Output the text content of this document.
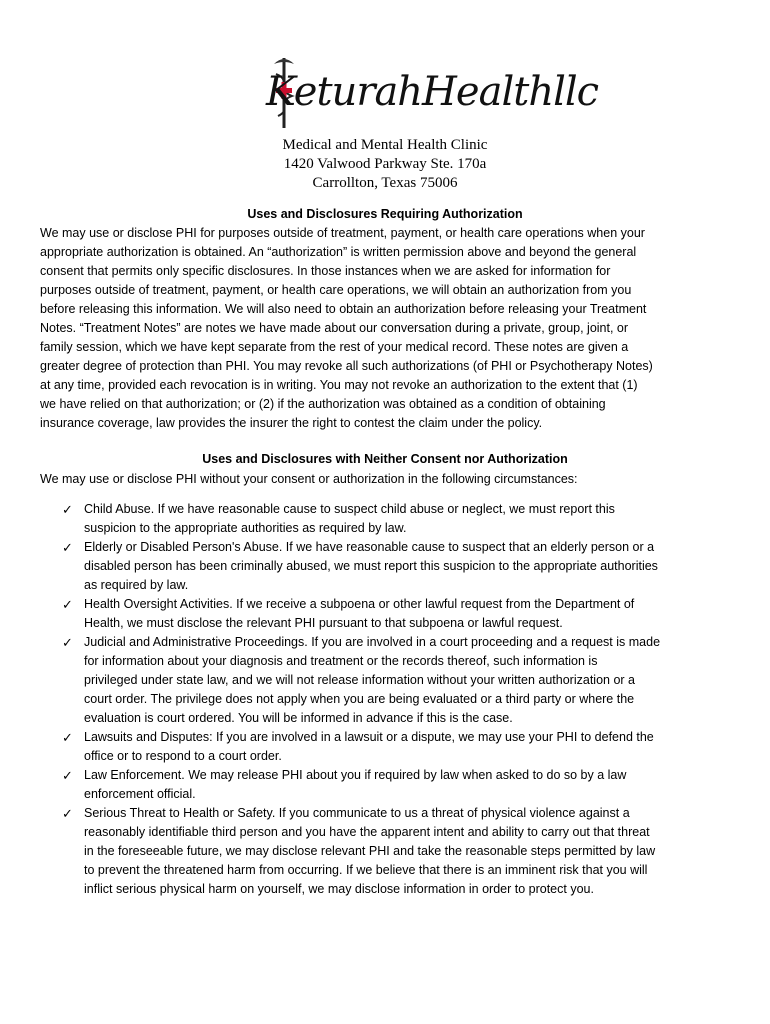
KeturahHealthllc
Medical and Mental Health Clinic
1420 Valwood Parkway Ste. 170a
Carrollton, Texas 75006
Uses and Disclosures Requiring Authorization
We may use or disclose PHI for purposes outside of treatment, payment, or health care operations when your
appropriate authorization is obtained. An “authorization” is written permission above and beyond the general
consent that permits only specific disclosures. In those instances when we are asked for information for
purposes outside of treatment, payment, or health care operations, we will obtain an authorization from you
before releasing this information. We will also need to obtain an authorization before releasing your Treatment
Notes. “Treatment Notes” are notes we have made about our conversation during a private, group, joint, or
family session, which we have kept separate from the rest of your medical record. These notes are given a
greater degree of protection than PHI. You may revoke all such authorizations (of PHI or Psychotherapy Notes)
at any time, provided each revocation is in writing. You may not revoke an authorization to the extent that (1)
we have relied on that authorization; or (2) if the authorization was obtained as a condition of obtaining
insurance coverage, law provides the insurer the right to contest the claim under the policy.
Uses and Disclosures with Neither Consent nor Authorization
We may use or disclose PHI without your consent or authorization in the following circumstances:
✓ Child Abuse. If we have reasonable cause to suspect child abuse or neglect, we must report this
suspicion to the appropriate authorities as required by law.
✓ Elderly or Disabled Person's Abuse. If we have reasonable cause to suspect that an elderly person or a
disabled person has been criminally abused, we must report this suspicion to the appropriate authorities
as required by law.
✓ Health Oversight Activities. If we receive a subpoena or other lawful request from the Department of
Health, we must disclose the relevant PHI pursuant to that subpoena or lawful request.
✓ Judicial and Administrative Proceedings. If you are involved in a court proceeding and a request is made
for information about your diagnosis and treatment or the records thereof, such information is
privileged under state law, and we will not release information without your written authorization or a
court order. The privilege does not apply when you are being evaluated or a third party or where the
evaluation is court ordered. You will be informed in advance if this is the case.
✓ Lawsuits and Disputes: If you are involved in a lawsuit or a dispute, we may use your PHI to defend the
office or to respond to a court order.
✓ Law Enforcement. We may release PHI about you if required by law when asked to do so by a law
enforcement official.
✓ Serious Threat to Health or Safety. If you communicate to us a threat of physical violence against a
reasonably identifiable third person and you have the apparent intent and ability to carry out that threat
in the foreseeable future, we may disclose relevant PHI and take the reasonable steps permitted by law
to prevent the threatened harm from occurring. If we believe that there is an imminent risk that you will
inflict serious physical harm on yourself, we may disclose information in order to protect you.
